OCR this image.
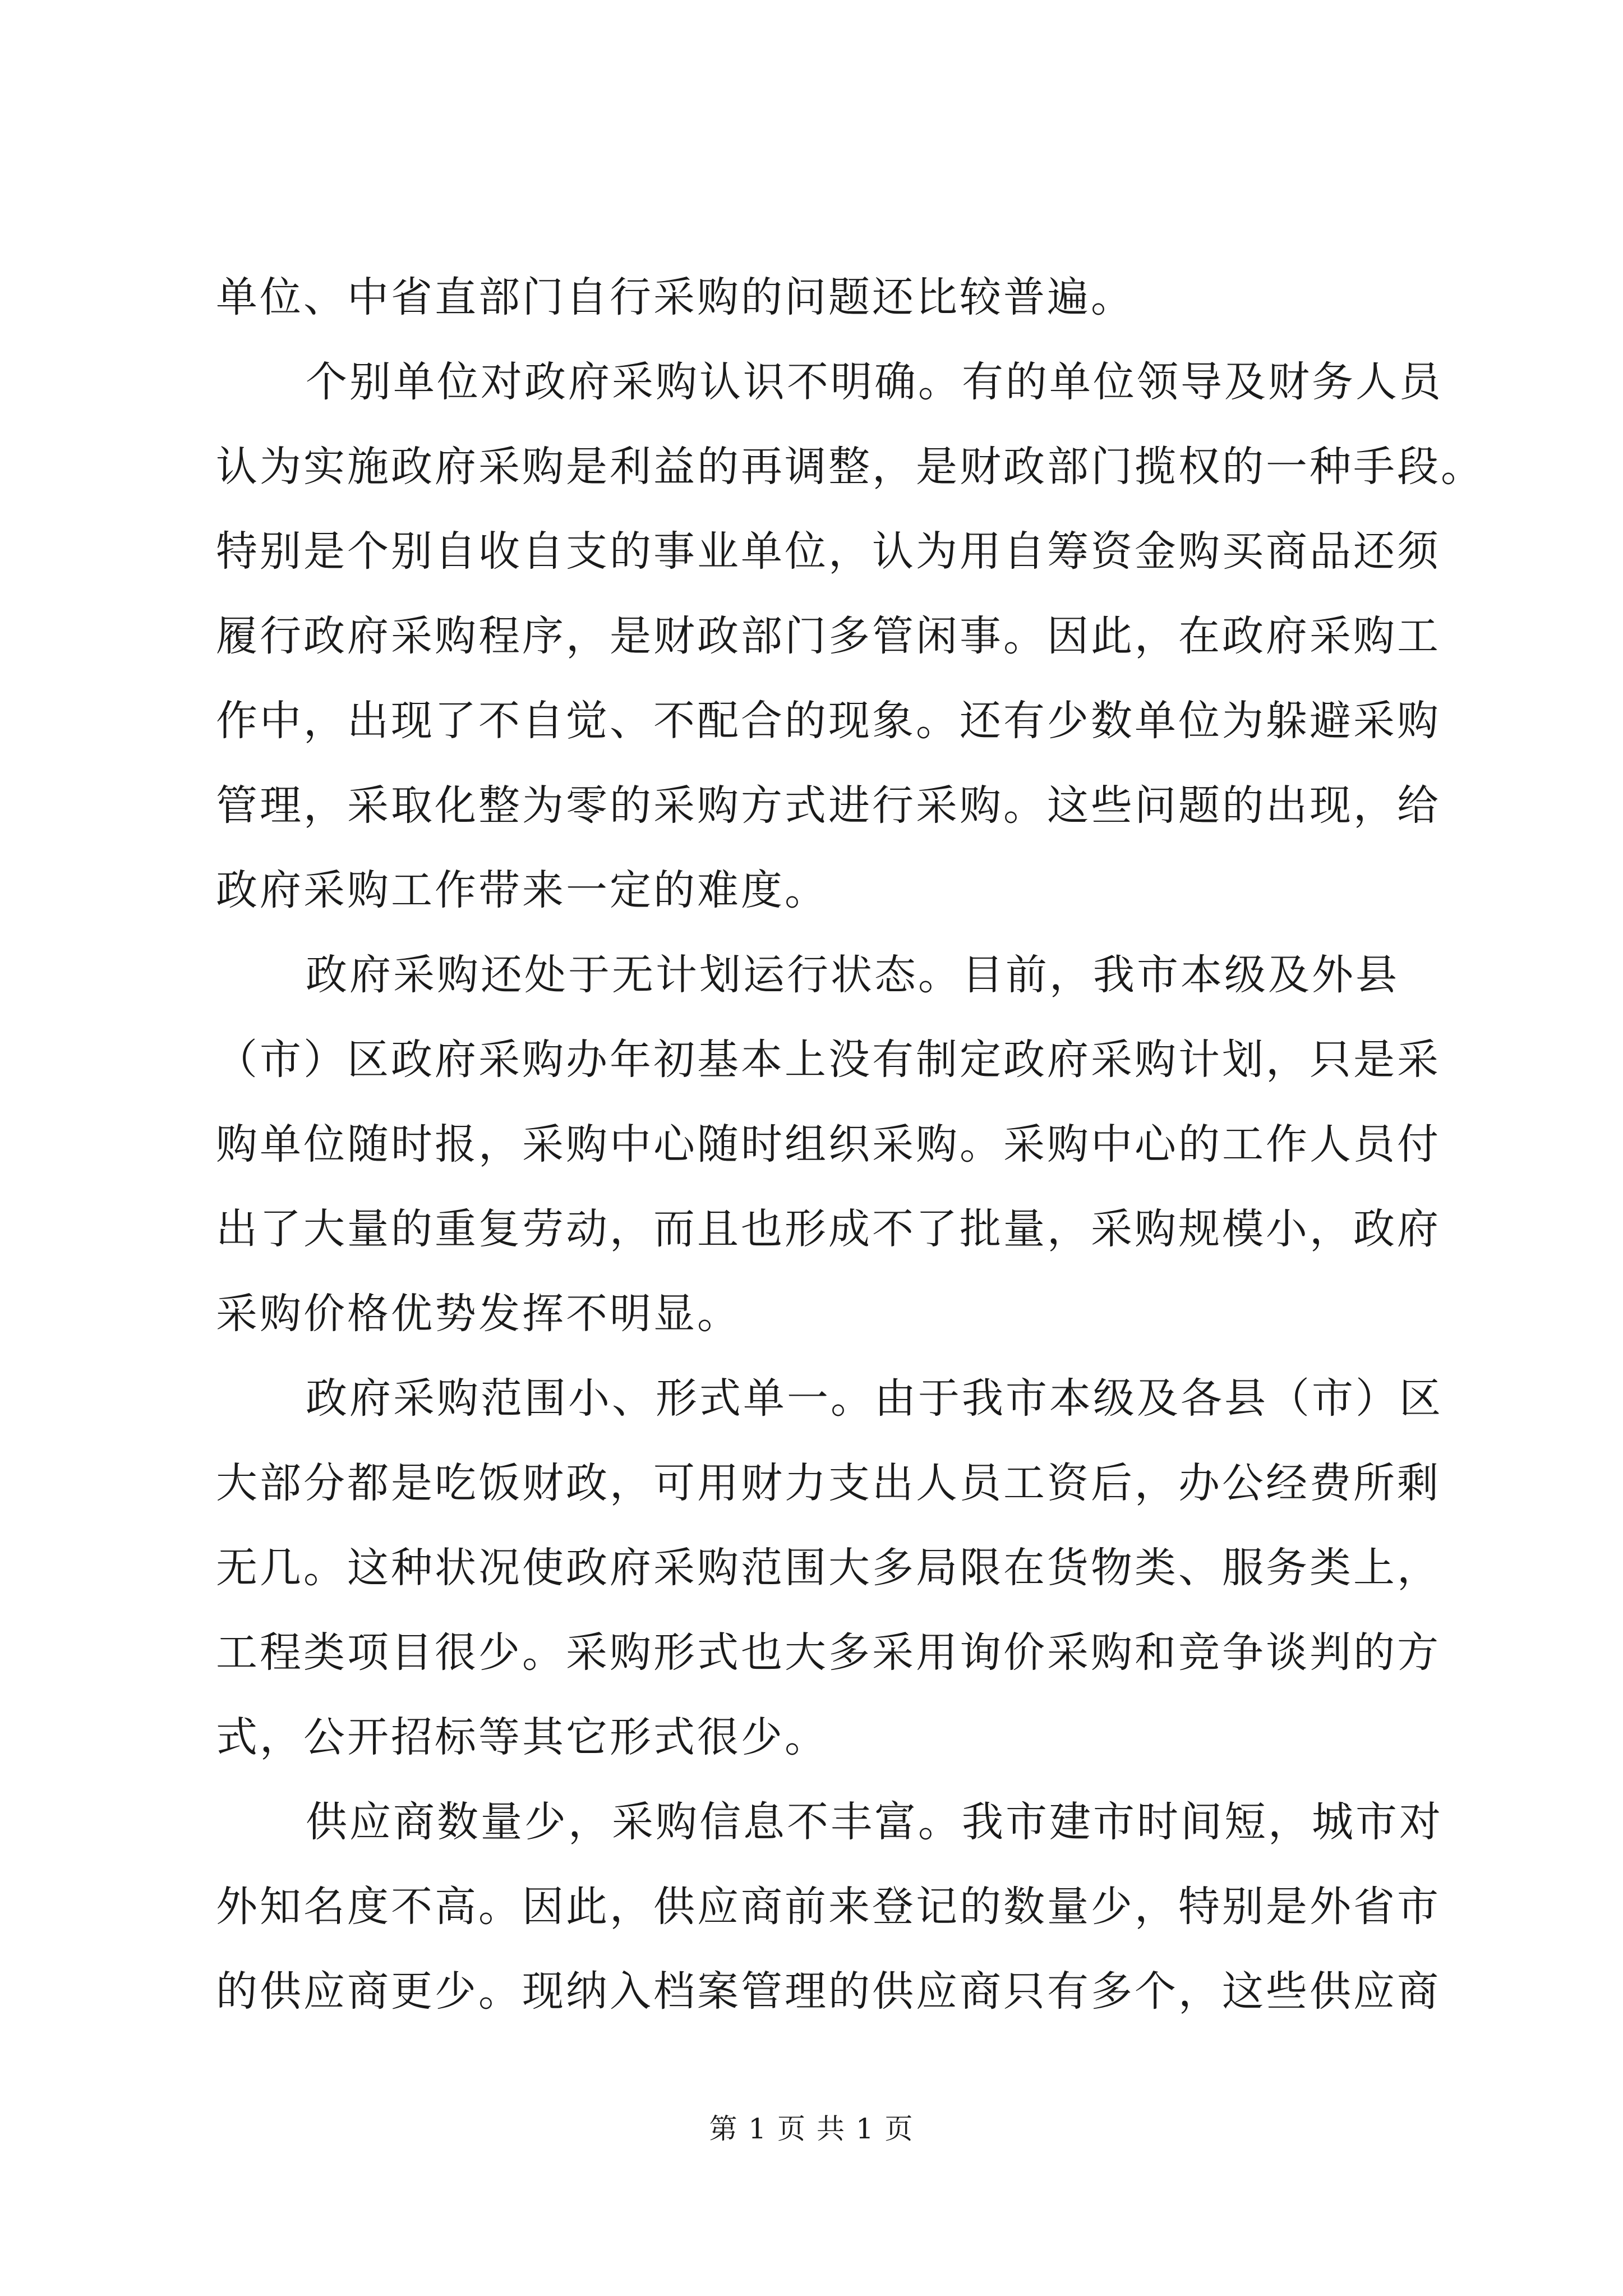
单位、中省直部门自行采购的问题还比较普遍。
个别单位对政府采购认识不明确。有的单位领导及财务人员
认为实施政府采购是利益的再调整，是财政部门揽权的一种手段。
特别是个别自收自支的事业单位，认为用自筹资金购买商品还须
履行政府采购程序，是财政部门多管闲事。因此，在政府采购工
作中，出现了不自觉、不配合的现象。还有少数单位为躲避采购
管理，采取化整为零的采购方式进行采购。这些问题的出现，给
政府采购工作带来一定的难度。
政府采购还处于无计划运行状态。目前，我市本级及外县
（市）区政府采购办年初基本上没有制定政府采购计划，只是采
购单位随时报，采购中心随时组织采购。采购中心的工作人员付
出了大量的重复劳动，而且也形成不了批量，采购规模小，政府
采购价格优势发挥不明显。
政府采购范围小、形式单一。由于我市本级及各县（市）区
大部分都是吃饭财政，可用财力支出人员工资后，办公经费所剩
无几。这种状况使政府采购范围大多局限在货物类、服务类上，
工程类项目很少。采购形式也大多采用询价采购和竞争谈判的方
式，公开招标等其它形式很少。
供应商数量少，采购信息不丰富。我市建市时间短，城市对
外知名度不高。因此，供应商前来登记的数量少，特别是外省市
的供应商更少。现纳入档案管理的供应商只有多个，这些供应商
第 1 页 共 1 页
